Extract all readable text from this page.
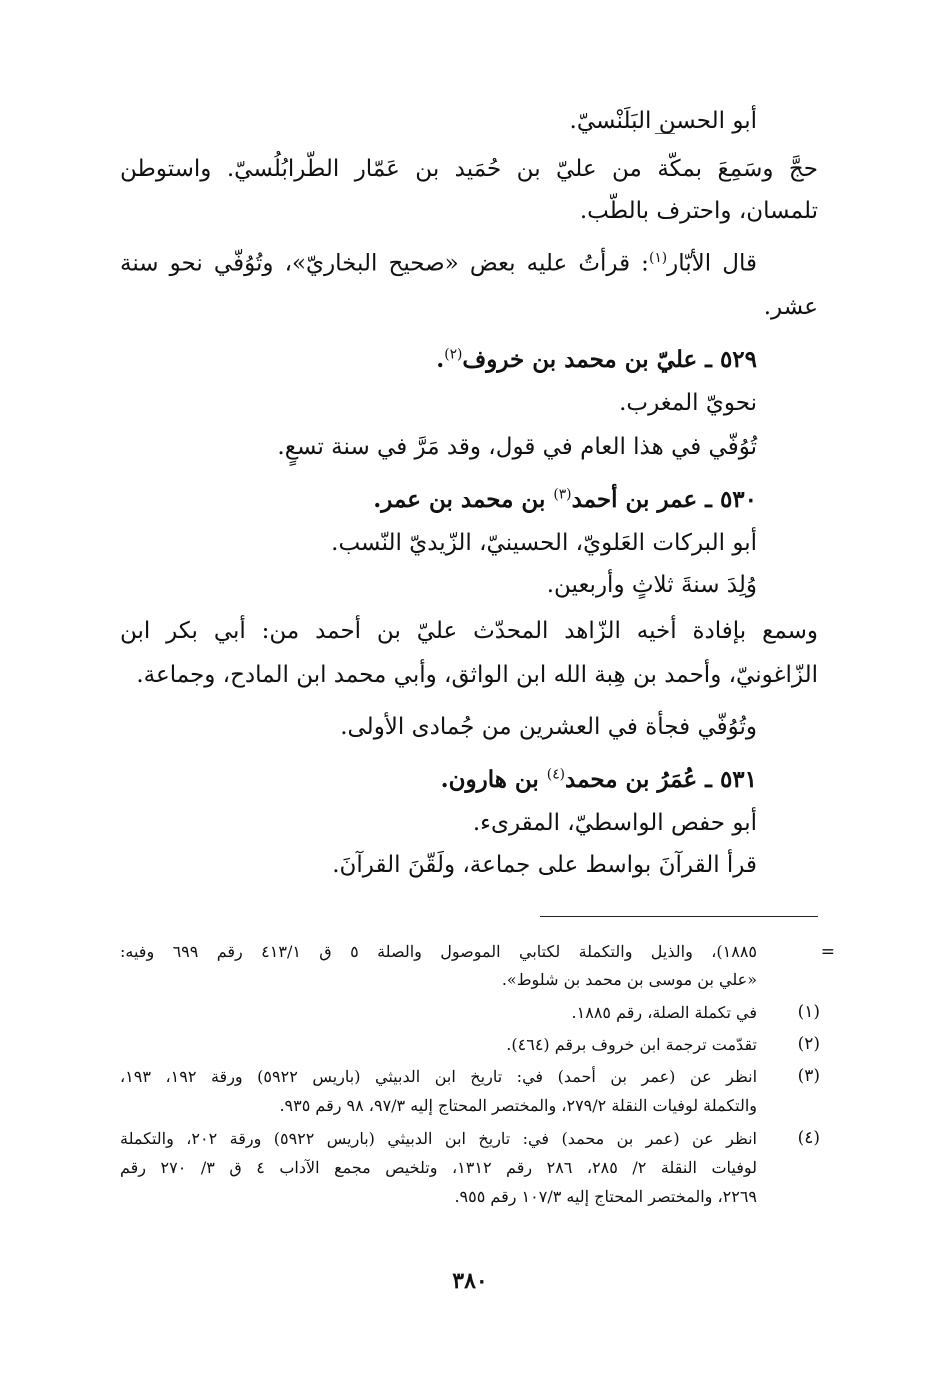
أبو الحسن البَلَنْسيّ.
حجَّ وسَمِعَ بمكّة من عليّ بن حُمَيد بن عَمّار الطّرابُلُسيّ. واستوطن
تلمسان، واحترف بالطّب.
قال الأبّار$^{(١)}$: قرأتُ عليه بعض «صحيح البخاريّ»، وتُوُفّي نحو سنة
عشر.
٥٢٩ ـ عليّ بن محمد بن خروف$^{(٢)}$.
نحويّ المغرب.
تُوُفّي في هذا العام في قول، وقد مَرَّ في سنة تسعٍ.
٥٣٠ ـ عمر بن أحمد$^{(٣)}$ بن محمد بن عمر.
أبو البركات العَلويّ، الحسينيّ، الزّيديّ النّسب.
وُلِدَ سنةَ ثلاثٍ وأربعين.
وسمع بإفادة أخيه الزّاهد المحدّث عليّ بن أحمد من: أبي بكر ابن
الزّاغونيّ، وأحمد بن هِبة الله ابن الواثق، وأبي محمد ابن المادح، وجماعة.
وتُوُفّي فجأة في العشرين من جُمادى الأولى.
٥٣١ ـ عُمَرُ بن محمد$^{(٤)}$ بن هارون.
أبو حفص الواسطيّ، المقرىء.
قرأ القرآنَ بواسط على جماعة، ولَقّنَ القرآنَ.
=
١٨٨٥)، والذيل والتكملة لكتابي الموصول والصلة ٥ ق ٤١٣/١ رقم ٦٩٩ وفيه:
«علي بن موسى بن محمد بن شلوط».
(١)
في تكملة الصلة، رقم ١٨٨٥.
(٢)
تقدّمت ترجمة ابن خروف برقم (٤٦٤).
(٣)
انظر عن (عمر بن أحمد) في: تاريخ ابن الدبيثي (باريس ٥٩٢٢) ورقة ١٩٢، ١٩٣،
والتكملة لوفيات النقلة ٢٧٩/٢، والمختصر المحتاج إليه ٩٧/٣، ٩٨ رقم ٩٣٥.
(٤)
انظر عن (عمر بن محمد) في: تاريخ ابن الدبيثي (باريس ٥٩٢٢) ورقة ٢٠٢، والتكملة
لوفيات النقلة ٢/ ٢٨٥، ٢٨٦ رقم ١٣١٢، وتلخيص مجمع الآداب ٤ ق ٣/ ٢٧٠ رقم
٢٢٦٩، والمختصر المحتاج إليه ١٠٧/٣ رقم ٩٥٥.
٣٨٠
